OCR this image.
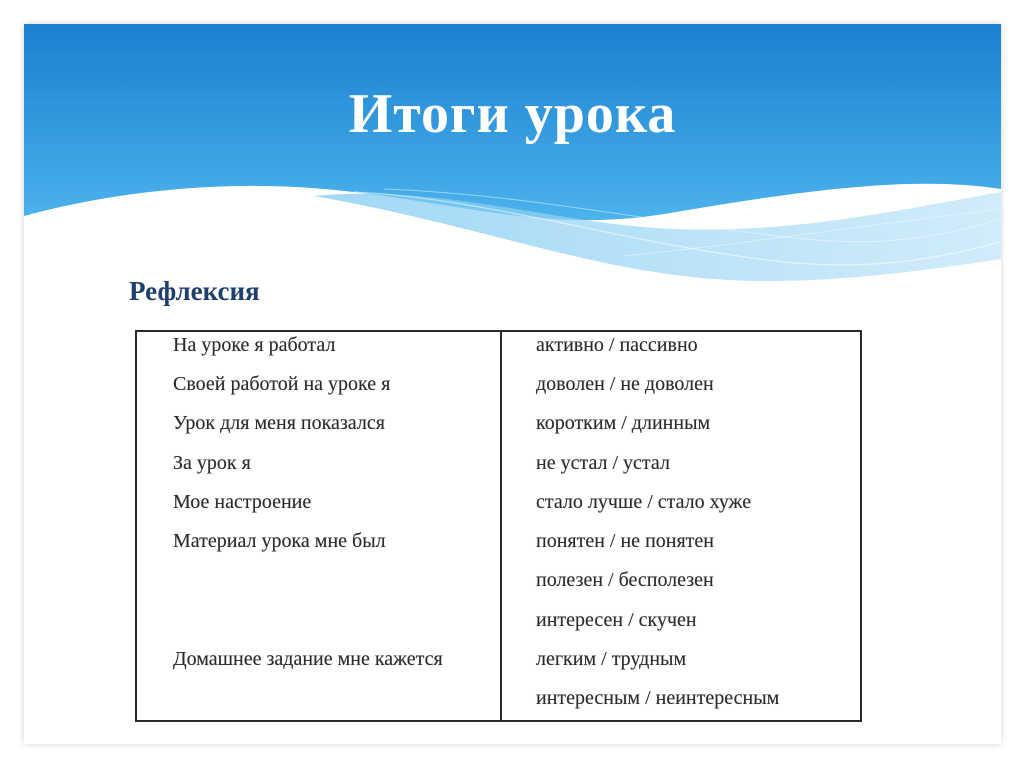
Итоги урока
Рефлексия
На уроке я работал
Своей работой на уроке я
Урок для меня показался
За урок я
Мое настроение
Материал урока мне был
Домашнее задание мне кажется
активно / пассивно
доволен / не доволен
коротким / длинным
не устал / устал
стало лучше / стало хуже
понятен / не понятен
полезен / бесполезен
интересен / скучен
легким / трудным
интересным / неинтересным
